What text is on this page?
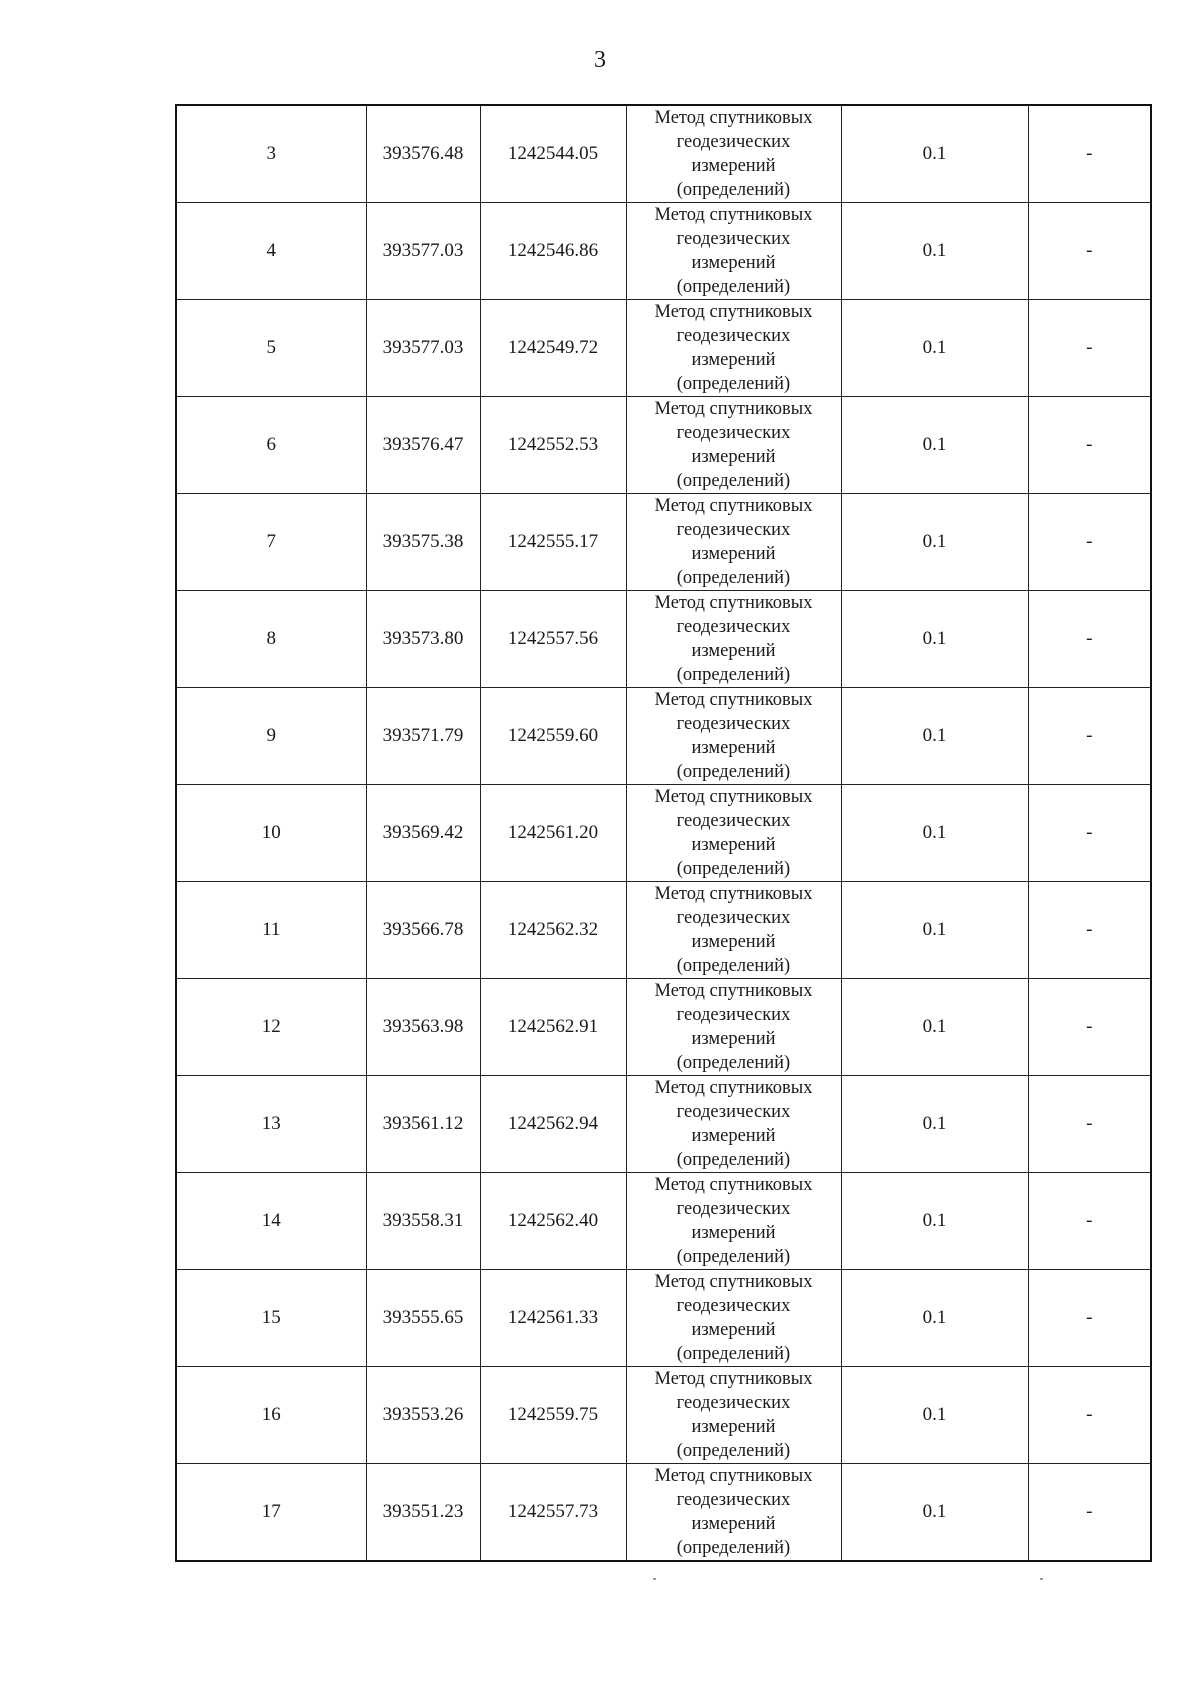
3
3	393576.48	1242544.05	Метод спутниковых
геодезических
измерений
(определений)	0.1	-
4	393577.03	1242546.86	Метод спутниковых
геодезических
измерений
(определений)	0.1	-
5	393577.03	1242549.72	Метод спутниковых
геодезических
измерений
(определений)	0.1	-
6	393576.47	1242552.53	Метод спутниковых
геодезических
измерений
(определений)	0.1	-
7	393575.38	1242555.17	Метод спутниковых
геодезических
измерений
(определений)	0.1	-
8	393573.80	1242557.56	Метод спутниковых
геодезических
измерений
(определений)	0.1	-
9	393571.79	1242559.60	Метод спутниковых
геодезических
измерений
(определений)	0.1	-
10	393569.42	1242561.20	Метод спутниковых
геодезических
измерений
(определений)	0.1	-
11	393566.78	1242562.32	Метод спутниковых
геодезических
измерений
(определений)	0.1	-
12	393563.98	1242562.91	Метод спутниковых
геодезических
измерений
(определений)	0.1	-
13	393561.12	1242562.94	Метод спутниковых
геодезических
измерений
(определений)	0.1	-
14	393558.31	1242562.40	Метод спутниковых
геодезических
измерений
(определений)	0.1	-
15	393555.65	1242561.33	Метод спутниковых
геодезических
измерений
(определений)	0.1	-
16	393553.26	1242559.75	Метод спутниковых
геодезических
измерений
(определений)	0.1	-
17	393551.23	1242557.73	Метод спутниковых
геодезических
измерений
(определений)	0.1	-
